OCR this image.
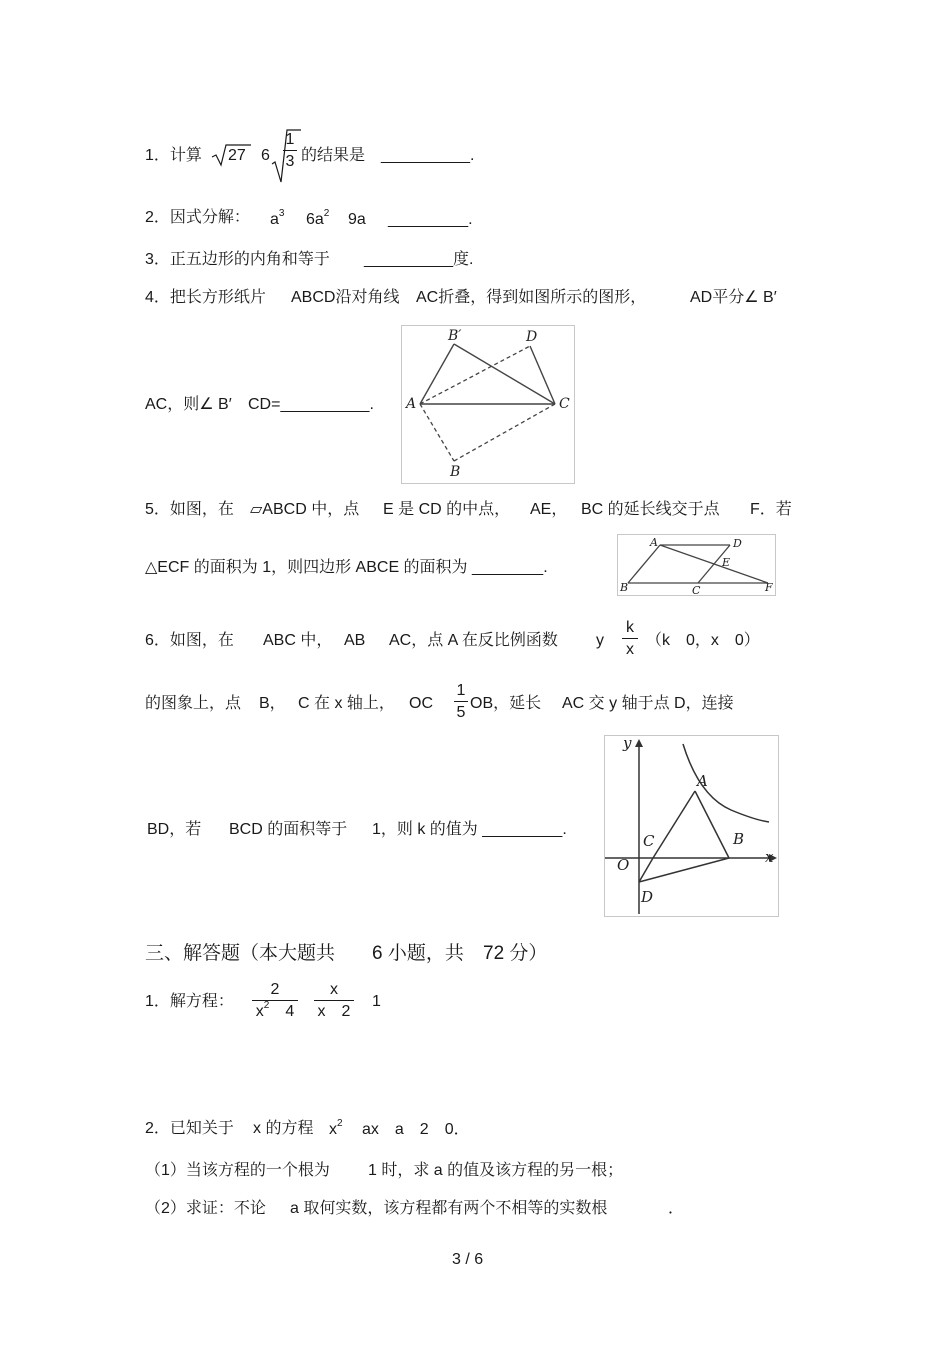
1．计算 27 $6 \frac{1}{3}$ 的结果是 __________.
2．因式分解： $a^3$ $6a^2$ 9a _________.
3．正五边形的内角和等于 __________度.
4．把长方形纸片 ABCD沿对角线 AC折叠，得到如图所示的图形，	AD平分∠ B′
AC，则∠ B′ CD=__________.
B′	D
A	C
B
5．如图，在 ▱ABCD 中，点 E 是 CD 的中点， AE， BC 的延长线交于点 F．若
△ECF 的面积为 1，则四边形 ABCE 的面积为 ________.
A	D
E
B	C	F
6．如图，在 ABC 中， AB AC，点 A 在反比例函数 y $\frac{k}{x} (k$　0，x　0）
的图象上，点 B， C 在 x 轴上， OC $\frac{1}{5}$ OB，延长 AC 交 y 轴于点 D，连接
BD，若 BCD 的面积等于 1，则 k 的值为 _________.
y
A
C	B
O	x
D
三、解答题（本大题共 6 小题，共 72 分）
1．解方程： $\frac{2}{x^2 4} \frac{x}{x 2} 1$
2．已知关于 x 的方程 $x^2$ ax　a　2　0．
（1）当该方程的一个根为 1 时，求 a 的值及该方程的另一根；
（2）求证：不论 a 取何实数，该方程都有两个不相等的实数根	．
3 / 6
